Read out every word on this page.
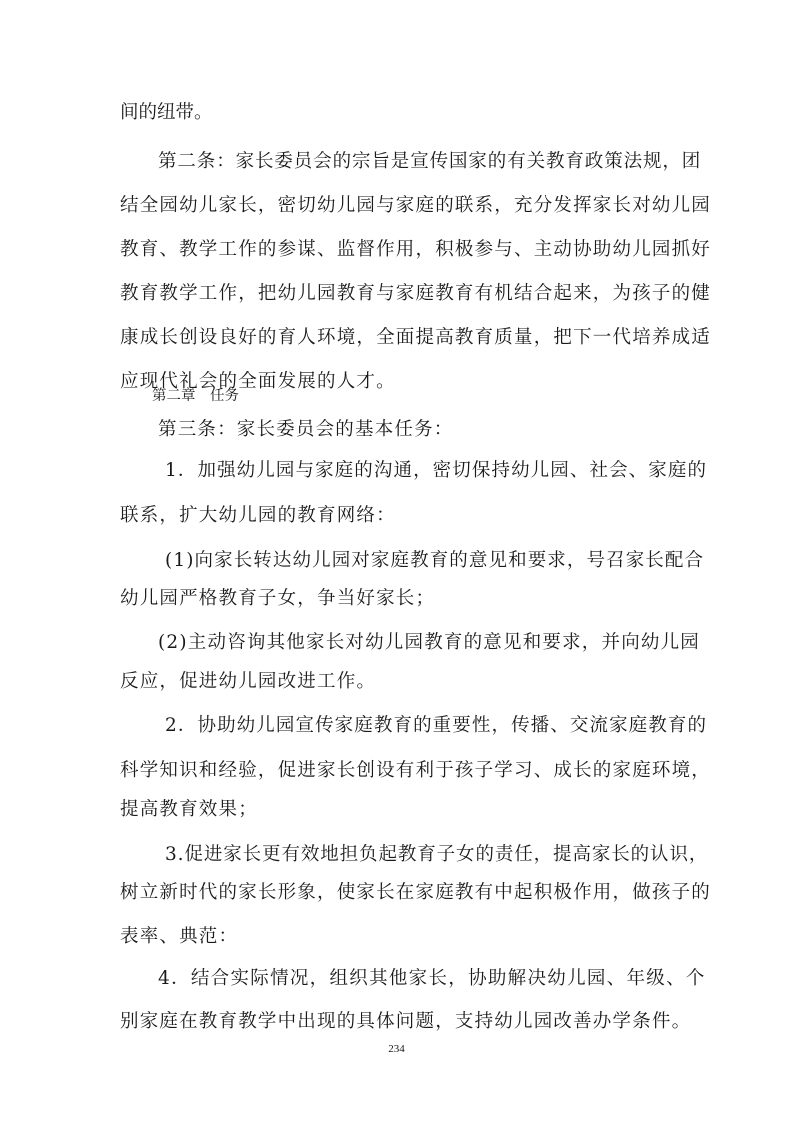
间的纽带。
第二条：家长委员会的宗旨是宣传国家的有关教育政策法规，团
结全园幼儿家长，密切幼儿园与家庭的联系，充分发挥家长对幼儿园
教育、教学工作的参谋、监督作用，积极参与、主动协助幼儿园抓好
教育教学工作，把幼儿园教育与家庭教育有机结合起来，为孩子的健
康成长创设良好的育人环境，全面提高教育质量，把下一代培养成适
应现代礼会的全面发展的人才。
第二章　任务
第三条：家长委员会的基本任务：
1．加强幼儿园与家庭的沟通，密切保持幼儿园、社会、家庭的
联系，扩大幼儿园的教育网络：
(1)向家长转达幼儿园对家庭教育的意见和要求，号召家长配合
幼儿园严格教育子女，争当好家长；
(2)主动咨询其他家长对幼儿园教育的意见和要求，并向幼儿园
反应，促进幼儿园改进工作。
2．协助幼儿园宣传家庭教育的重要性，传播、交流家庭教育的
科学知识和经验，促进家长创设有利于孩子学习、成长的家庭环境，
提高教育效果；
3.促进家长更有效地担负起教育子女的责任，提高家长的认识，
树立新时代的家长形象，使家长在家庭教有中起积极作用，做孩子的
表率、典范：
4．结合实际情况，组织其他家长，协助解决幼儿园、年级、个
别家庭在教育教学中出现的具体问题，支持幼儿园改善办学条件。
234
